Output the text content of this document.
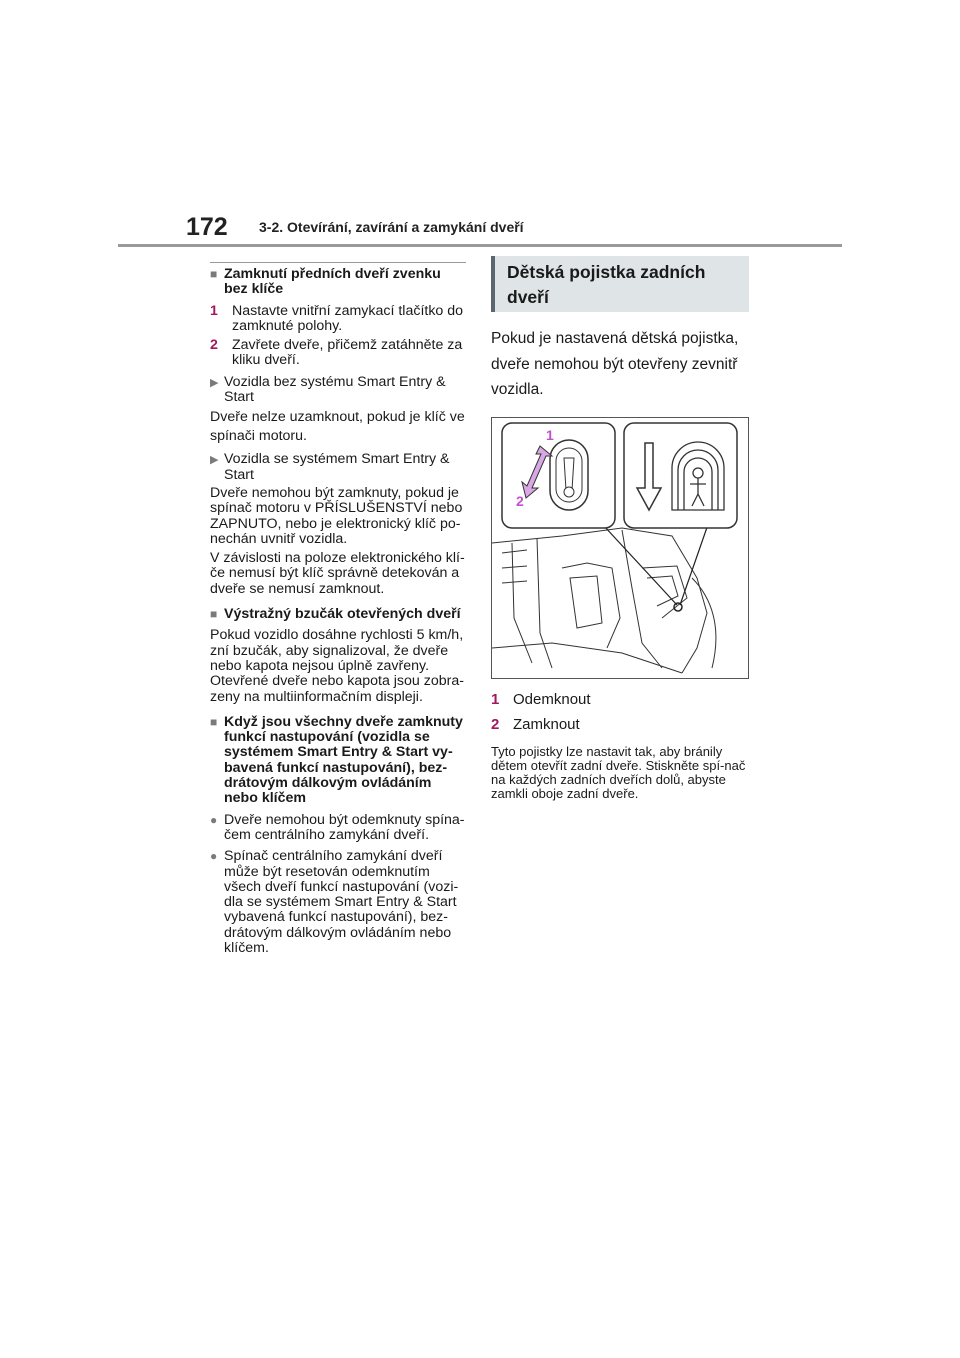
172 3-2. Otevírání, zavírání a zamykání dveří
■ Zamknutí předních dveří zvenku bez klíče
1 Nastavte vnitřní zamykací tlačítko do zamknuté polohy.
2 Zavřete dveře, přičemž zatáhněte za kliku dveří.
▶ Vozidla bez systému Smart Entry & Start
Dveře nelze uzamknout, pokud je klíč ve spínači motoru.
▶ Vozidla se systémem Smart Entry & Start
Dveře nemohou být zamknuty, pokud je spínač motoru v PŘÍSLUŠENSTVÍ nebo ZAPNUTO, nebo je elektronický klíč po-nechán uvnitř vozidla.
V závislosti na poloze elektronického klí-če nemusí být klíč správně detekován a dveře se nemusí zamknout.
■ Výstražný bzučák otevřených dveří
Pokud vozidlo dosáhne rychlosti 5 km/h, zní bzučák, aby signalizoval, že dveře nebo kapota nejsou úplně zavřeny. Otevřené dveře nebo kapota jsou zobra-zeny na multiinformačním displeji.
■ Když jsou všechny dveře zamknuty funkcí nastupování (vozidla se systémem Smart Entry & Start vy-bavená funkcí nastupování), bez-drátovým dálkovým ovládáním nebo klíčem
● Dveře nemohou být odemknuty spína-čem centrálního zamykání dveří.
● Spínač centrálního zamykání dveří může být resetován odemknutím všech dveří funkcí nastupování (vozi-dla se systémem Smart Entry & Start vybavená funkcí nastupování), bez-drátovým dálkovým ovládáním nebo klíčem.
Dětská pojistka zadních dveří
Pokud je nastavená dětská pojistka, dveře nemohou být otevřeny zevnitř vozidla.
1
2
1 Odemknout
2 Zamknout
Tyto pojistky lze nastavit tak, aby bránily dětem otevřít zadní dveře. Stiskněte spí-nač na každých zadních dveřích dolů, abyste zamkli oboje zadní dveře.
